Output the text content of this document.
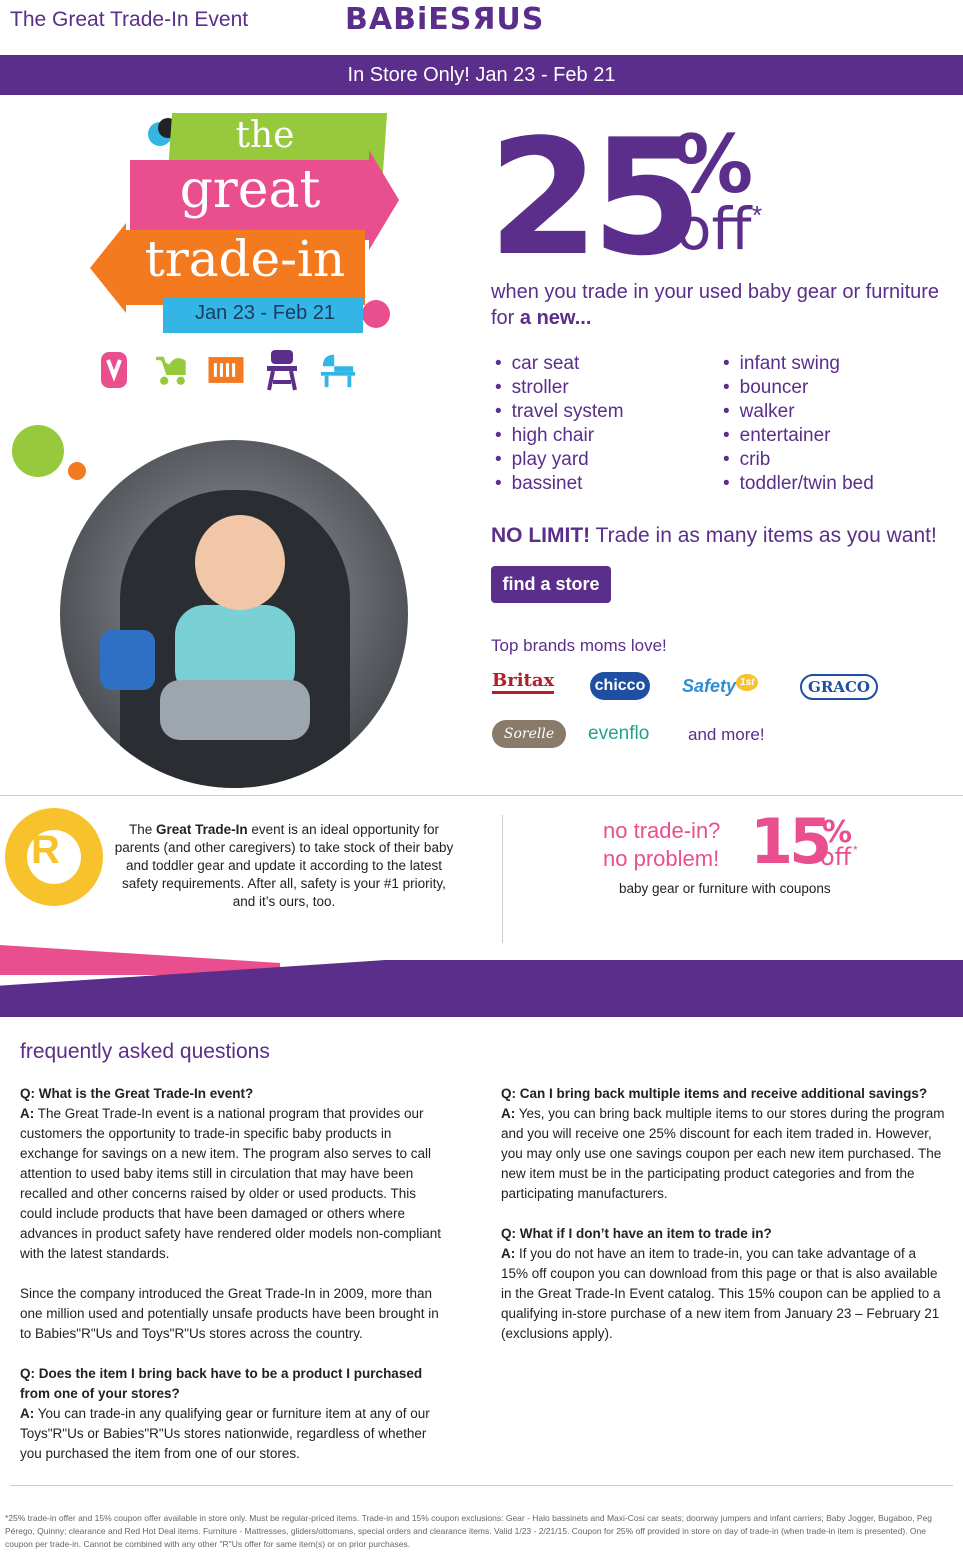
The Great Trade-In Event	BABiESЯUS
In Store Only! Jan 23 - Feb 21
the
great
trade-in
Jan 23 - Feb 21
25
%
off *
when you trade in your used baby gear or furniture for a new...
• car seat
• stroller
• travel system
• high chair
• play yard
• bassinet
• infant swing
• bouncer
• walker
• entertainer
• crib
• toddler/twin bed
NO LIMIT! Trade in as many items as you want!
find a store
Top brands moms love!
Britax	chicco Safety $^{1st}$	GRACO
Sorelle	evenflo and more!
R	The Great Trade-In event is an ideal opportunity for parents (and other caregivers) to take stock of their baby and toddler gear and update it according to the latest safety requirements. After all, safety is your #1 priority, and it’s ours, too.
no trade-in?
no problem! 15
%
off *
baby gear or furniture with coupons
frequently asked questions
Q: What is the Great Trade-In event?
A: The Great Trade-In event is a national program that provides our customers the opportunity to trade-in specific baby products in exchange for savings on a new item. The program also serves to call attention to used baby items still in circulation that may have been recalled and other concerns raised by older or used products. This could include products that have been damaged or others where advances in product safety have rendered older models non-compliant with the latest standards.
Since the company introduced the Great Trade-In in 2009, more than one million used and potentially unsafe products have been brought in to Babies"R"Us and Toys"R"Us stores across the country.
Q: Does the item I bring back have to be a product I purchased from one of your stores?
A: You can trade-in any qualifying gear or furniture item at any of our Toys"R"Us or Babies"R"Us stores nationwide, regardless of whether you purchased the item from one of our stores.
Q: Can I bring back multiple items and receive additional savings?
A: Yes, you can bring back multiple items to our stores during the program and you will receive one 25% discount for each item traded in. However, you may only use one savings coupon per each new item purchased. The new item must be in the participating product categories and from the participating manufacturers.
Q: What if I don’t have an item to trade in?
A: If you do not have an item to trade-in, you can take advantage of a 15% off coupon you can download from this page or that is also available in the Great Trade-In Event catalog. This 15% coupon can be applied to a qualifying in-store purchase of a new item from January 23 – February 21 (exclusions apply).
*25% trade-in offer and 15% coupon offer available in store only. Must be regular-priced items. Trade-in and 15% coupon exclusions: Gear - Halo bassinets and Maxi-Cosi car seats; doorway jumpers and infant carriers; Baby Jogger, Bugaboo, Peg Pérego, Quinny; clearance and Red Hot Deal items. Furniture - Mattresses, gliders/ottomans, special orders and clearance items. Valid 1/23 - 2/21/15. Coupon for 25% off provided in store on day of trade-in (when trade-in item is presented). One coupon per trade-in. Cannot be combined with any other "R"Us offer for same item(s) or on prior purchases.
